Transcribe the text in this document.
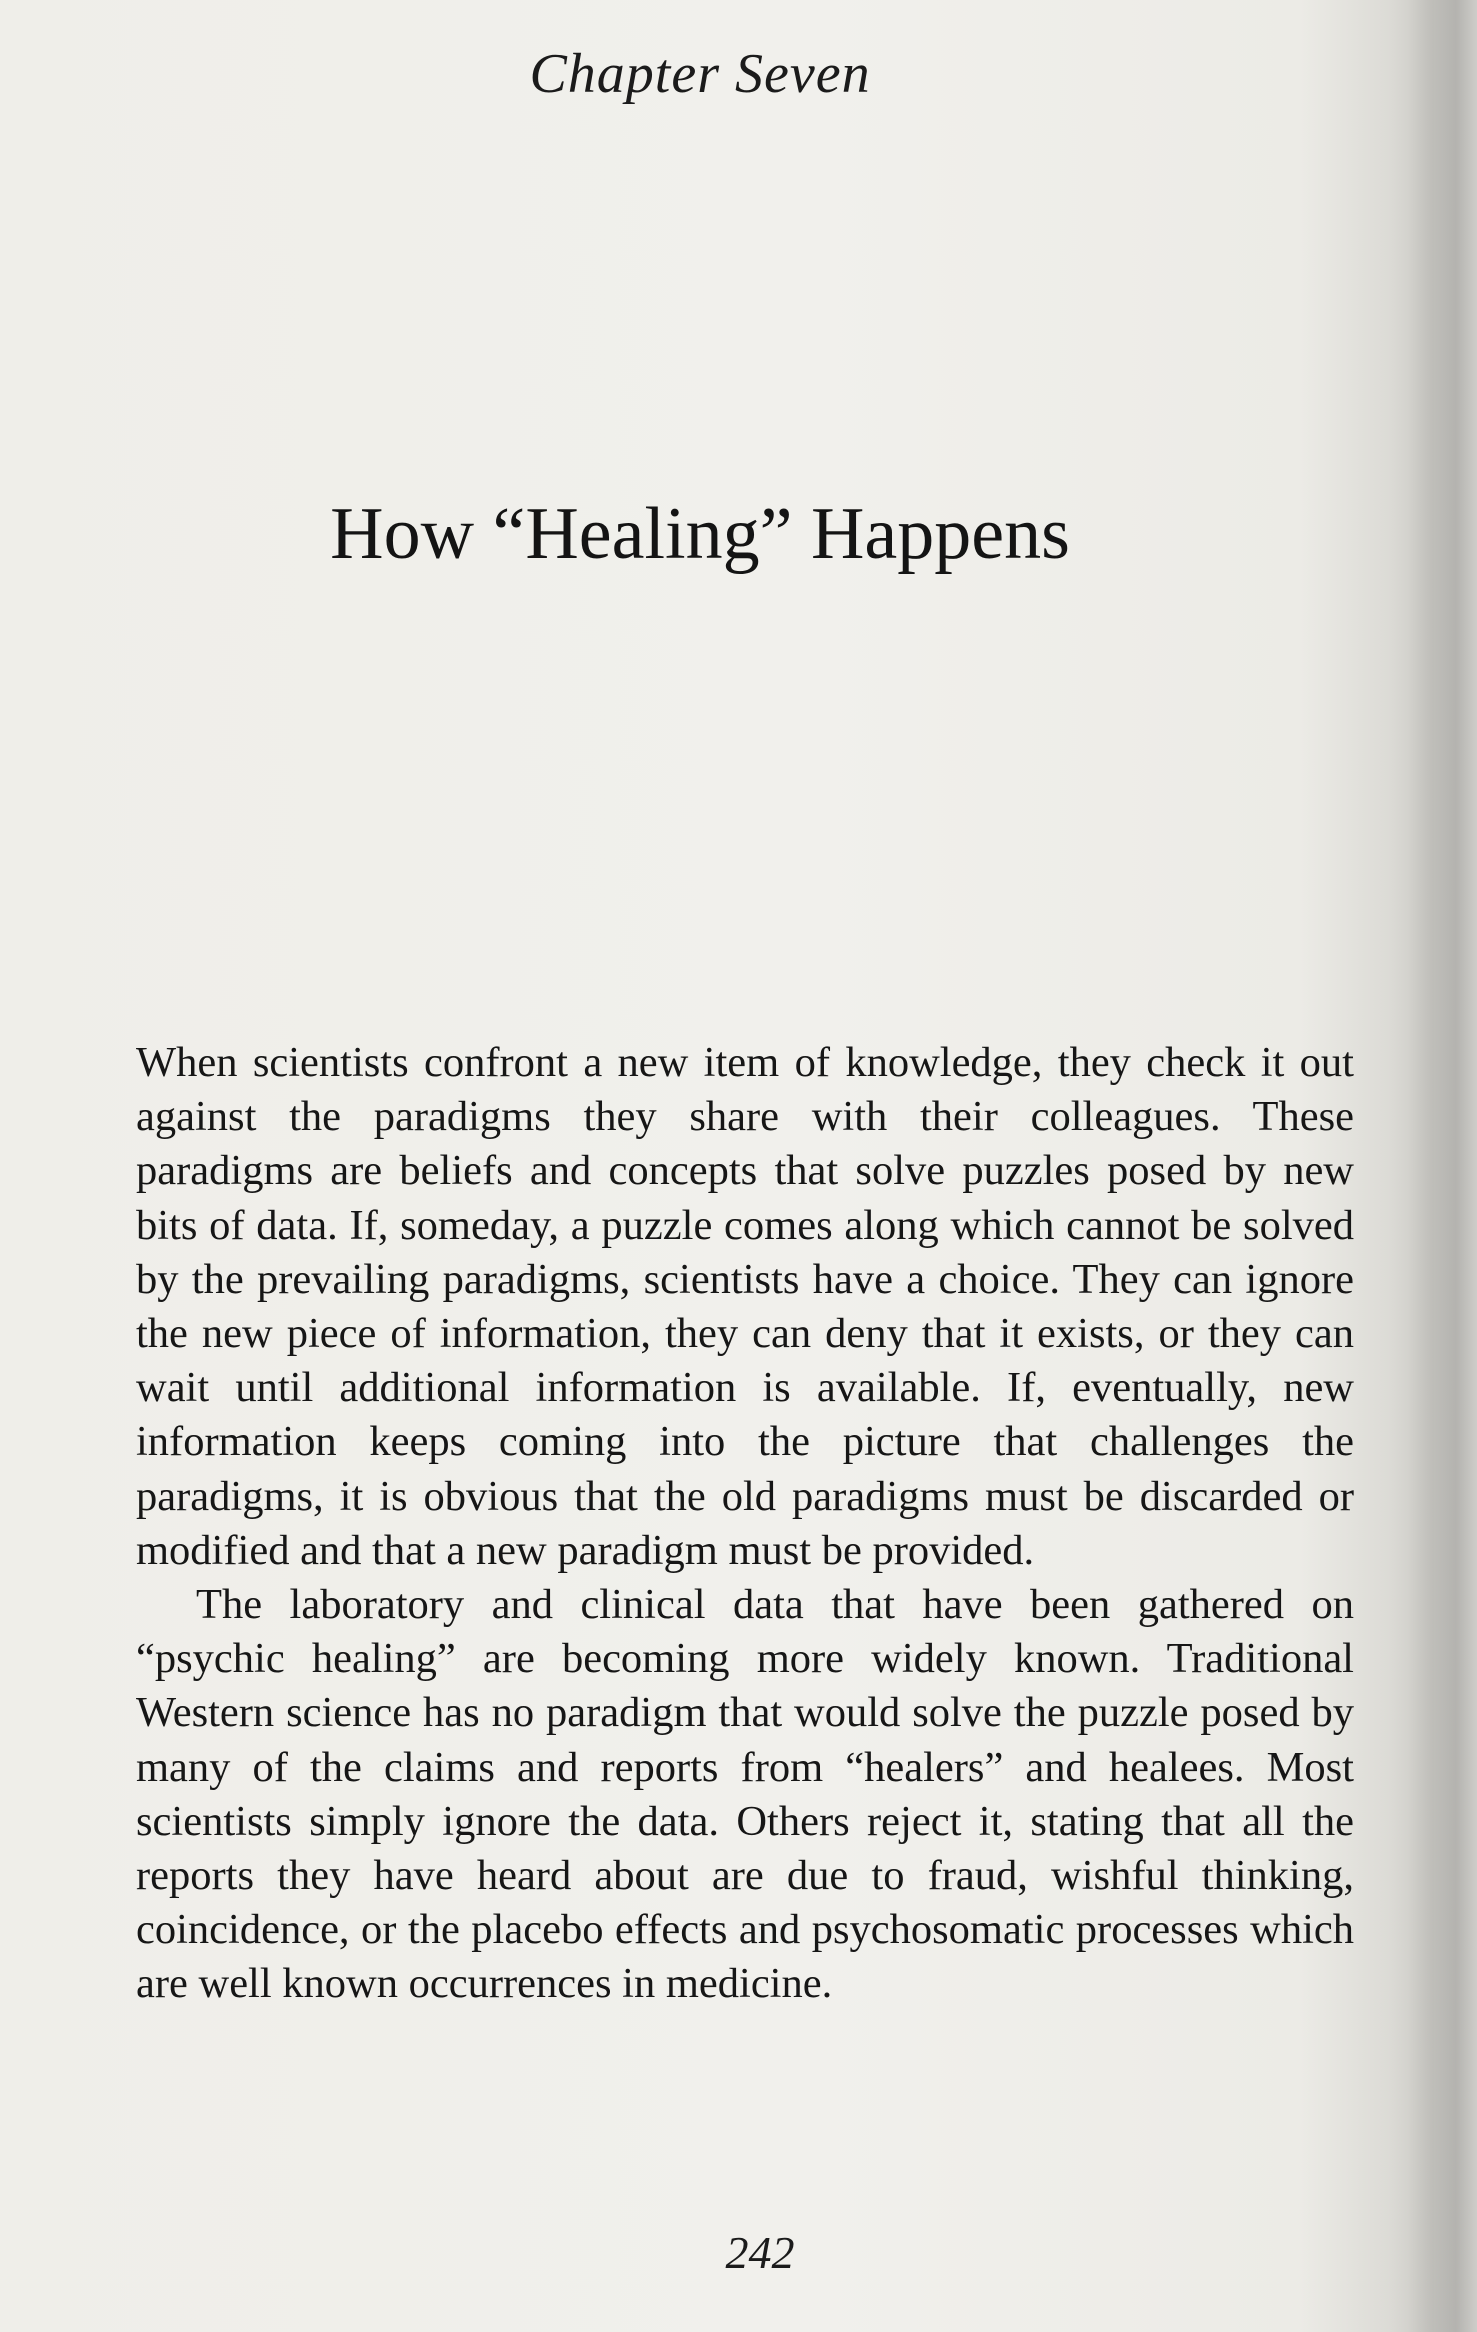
Chapter Seven
How “Healing” Happens

When scientists confront a new item of knowledge, they check it out against the paradigms they share with their colleagues. These paradigms are beliefs and concepts that solve puzzles posed by new bits of data. If, someday, a puzzle comes along which cannot be solved by the prevailing paradigms, scientists have a choice. They can ignore the new piece of information, they can deny that it exists, or they can wait until additional information is available. If, eventually, new information keeps coming into the picture that challenges the paradigms, it is obvious that the old paradigms must be discarded or modified and that a new paradigm must be provided.

The laboratory and clinical data that have been gathered on “psychic healing” are becoming more widely known. Traditional Western science has no paradigm that would solve the puzzle posed by many of the claims and reports from “healers” and healees. Most scientists simply ignore the data. Others reject it, stating that all the reports they have heard about are due to fraud, wishful thinking, coincidence, or the placebo effects and psychosomatic processes which are well known occurrences in medicine.

242
